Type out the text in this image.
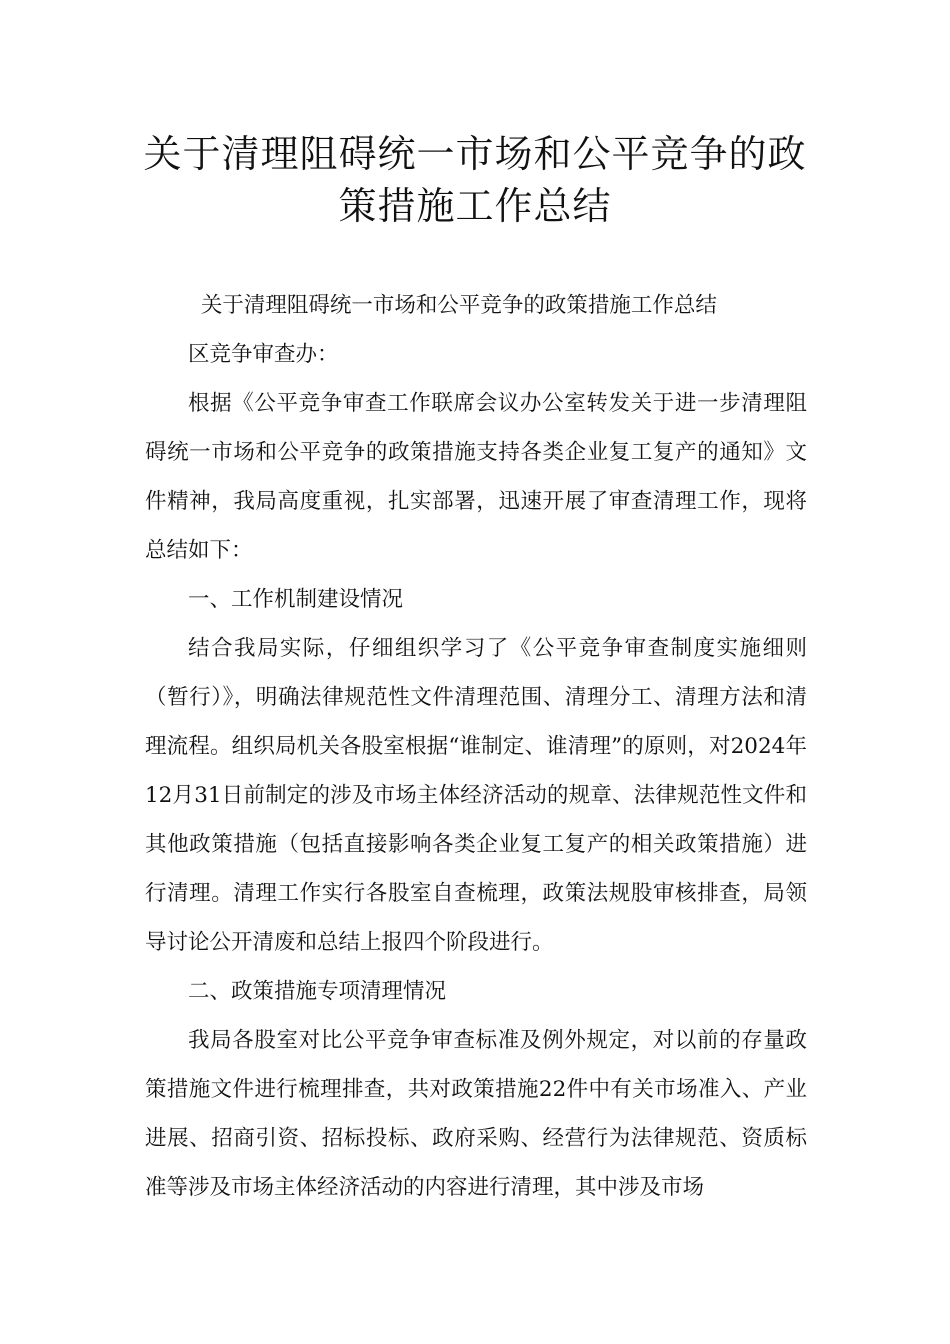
关于清理阻碍统一市场和公平竞争的政
策措施工作总结

关于清理阻碍统一市场和公平竞争的政策措施工作总结

区竞争审查办：

根据《公平竞争审查工作联席会议办公室转发关于进一步清理阻碍统一市场和公平竞争的政策措施支持各类企业复工复产的通知》文件精神，我局高度重视，扎实部署，迅速开展了审查清理工作，现将总结如下：

一、工作机制建设情况

结合我局实际，仔细组织学习了《公平竞争审查制度实施细则（暂行）》，明确法律规范性文件清理范围、清理分工、清理方法和清理流程。组织局机关各股室根据“谁制定、谁清理”的原则，对2024年12月31日前制定的涉及市场主体经济活动的规章、法律规范性文件和其他政策措施（包括直接影响各类企业复工复产的相关政策措施）进行清理。清理工作实行各股室自查梳理，政策法规股审核排查，局领导讨论公开清废和总结上报四个阶段进行。

二、政策措施专项清理情况

我局各股室对比公平竞争审查标准及例外规定，对以前的存量政策措施文件进行梳理排查，共对政策措施22件中有关市场准入、产业进展、招商引资、招标投标、政府采购、经营行为法律规范、资质标准等涉及市场主体经济活动的内容进行清理，其中涉及市场
